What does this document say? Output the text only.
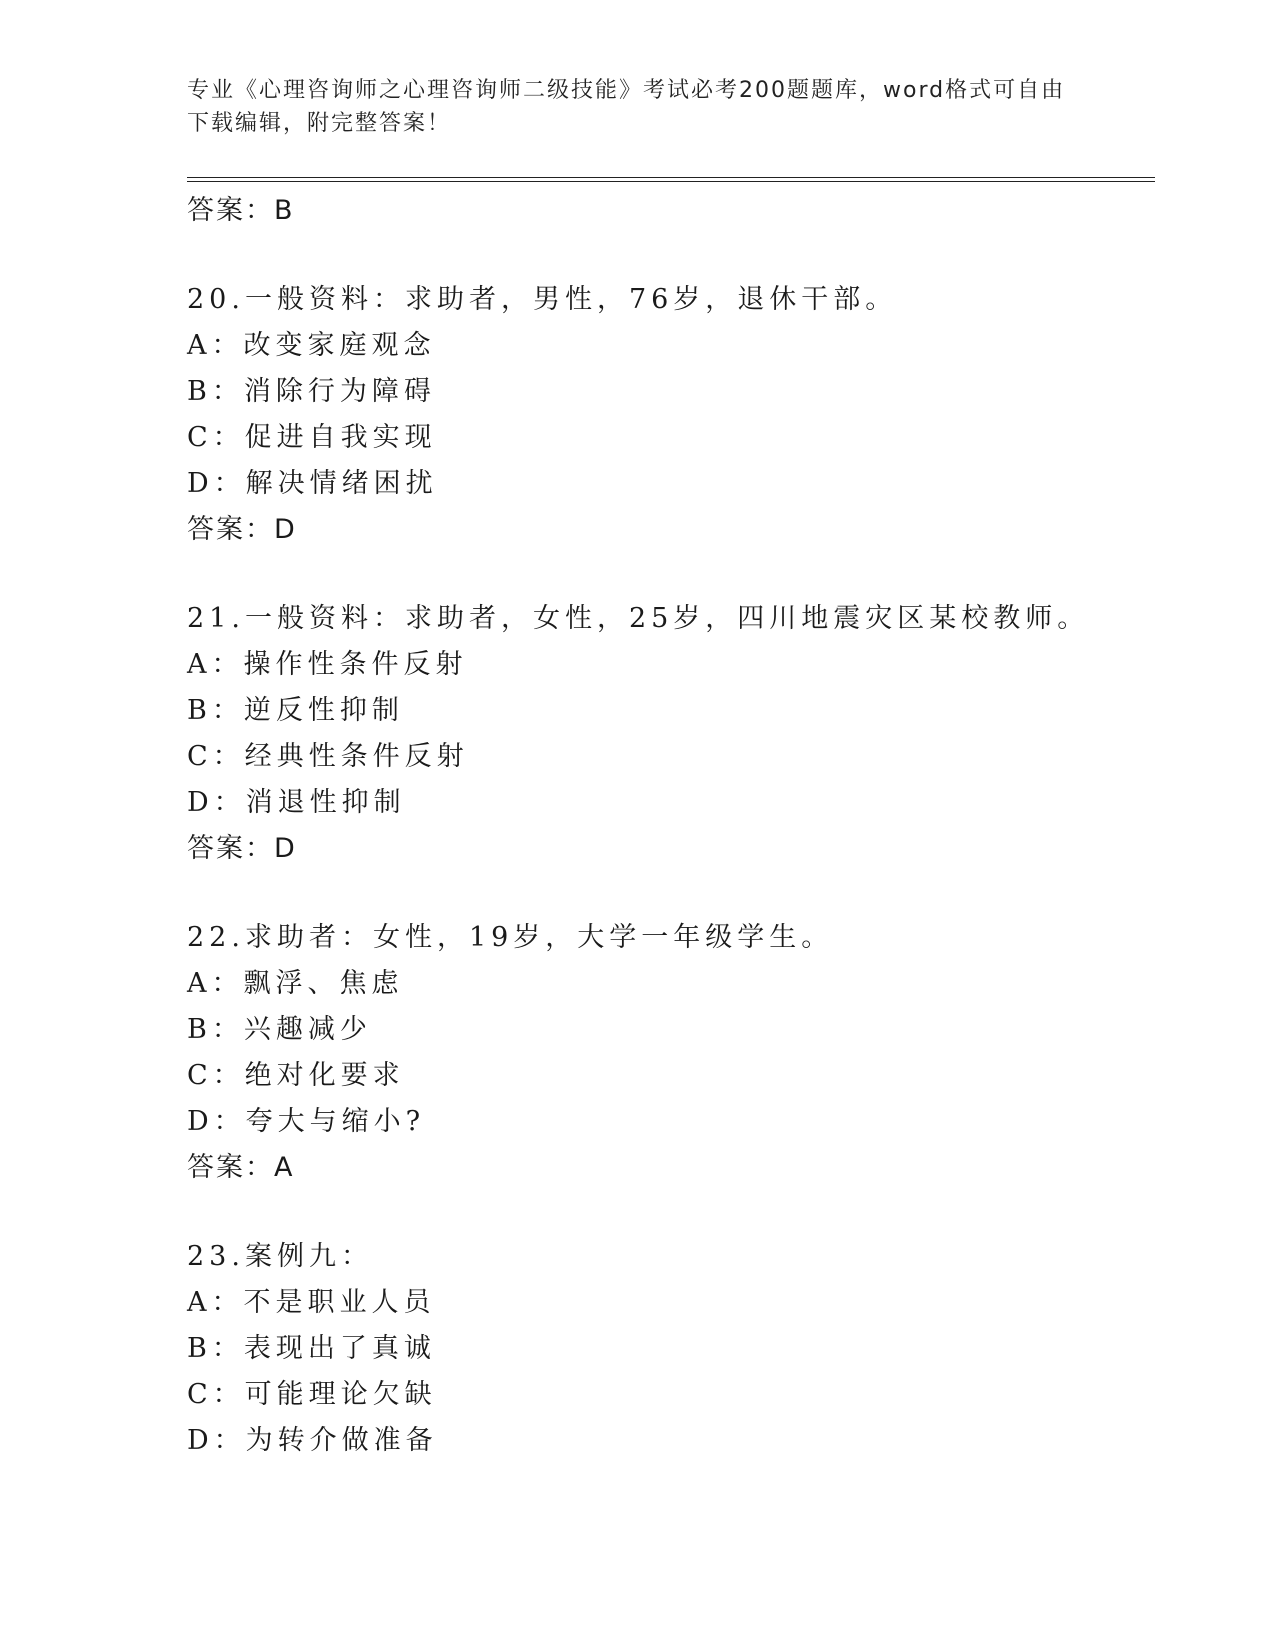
专业《心理咨询师之心理咨询师二级技能》考试必考200题题库，word格式可自由下载编辑，附完整答案！
答案：B
20.一般资料：求助者，男性，76岁，退休干部。
A：改变家庭观念
B：消除行为障碍
C：促进自我实现
D：解决情绪困扰
答案：D
21.一般资料：求助者，女性，25岁，四川地震灾区某校教师。
A：操作性条件反射
B：逆反性抑制
C：经典性条件反射
D：消退性抑制
答案：D
22.求助者：女性，19岁，大学一年级学生。
A：飘浮、焦虑
B：兴趣减少
C：绝对化要求
D：夸大与缩小?
答案：A
23.案例九：
A：不是职业人员
B：表现出了真诚
C：可能理论欠缺
D：为转介做准备
